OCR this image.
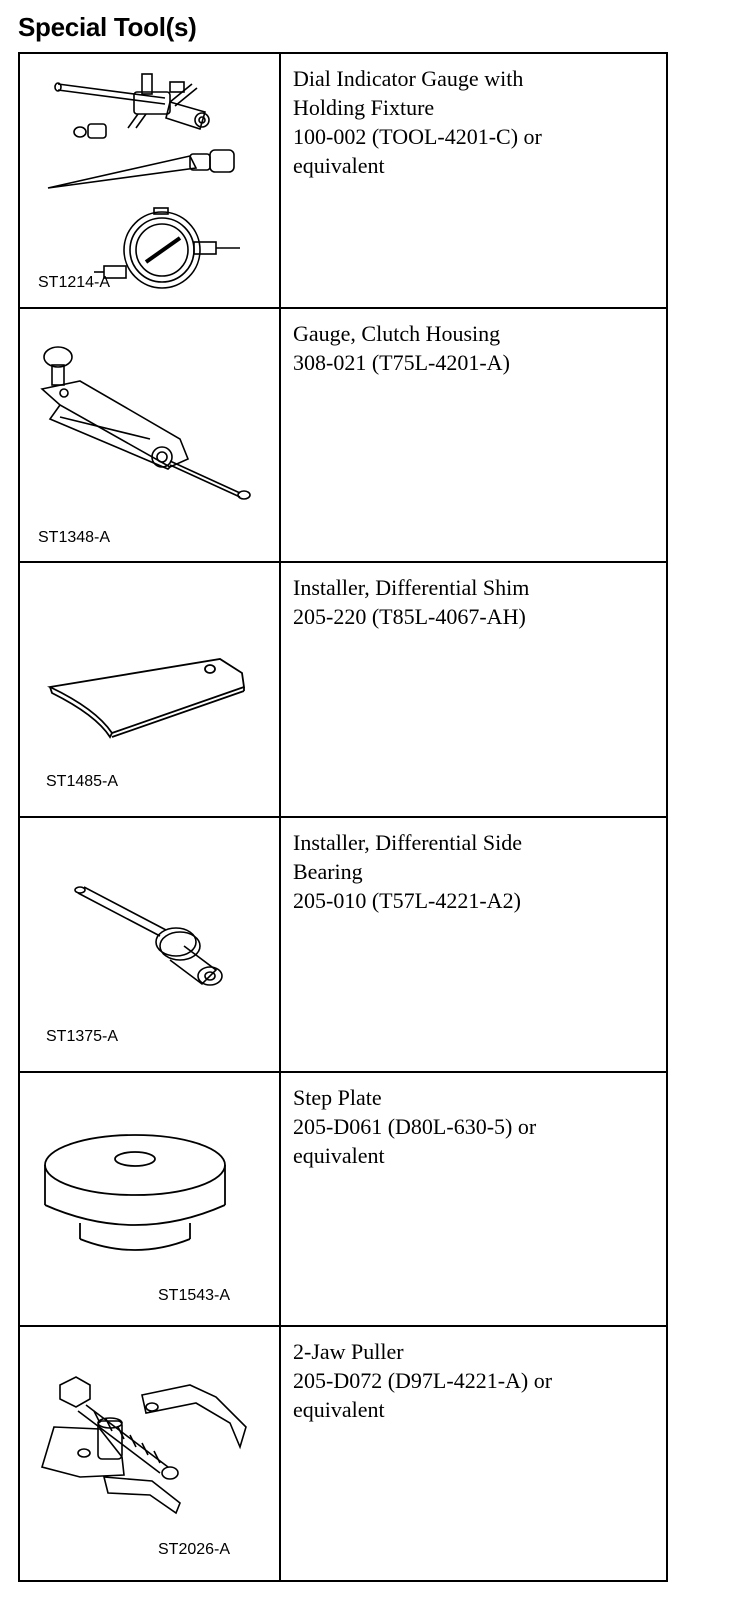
Special Tool(s)
ST1214-A
Dial Indicator Gauge with
Holding Fixture
100-002 (TOOL-4201-C) or
equivalent
ST1348-A
Gauge, Clutch Housing
308-021 (T75L-4201-A)
ST1485-A
Installer, Differential Shim
205-220 (T85L-4067-AH)
ST1375-A
Installer, Differential Side
Bearing
205-010 (T57L-4221-A2)
ST1543-A
Step Plate
205-D061 (D80L-630-5) or
equivalent
ST2026-A
2-Jaw Puller
205-D072 (D97L-4221-A) or
equivalent
